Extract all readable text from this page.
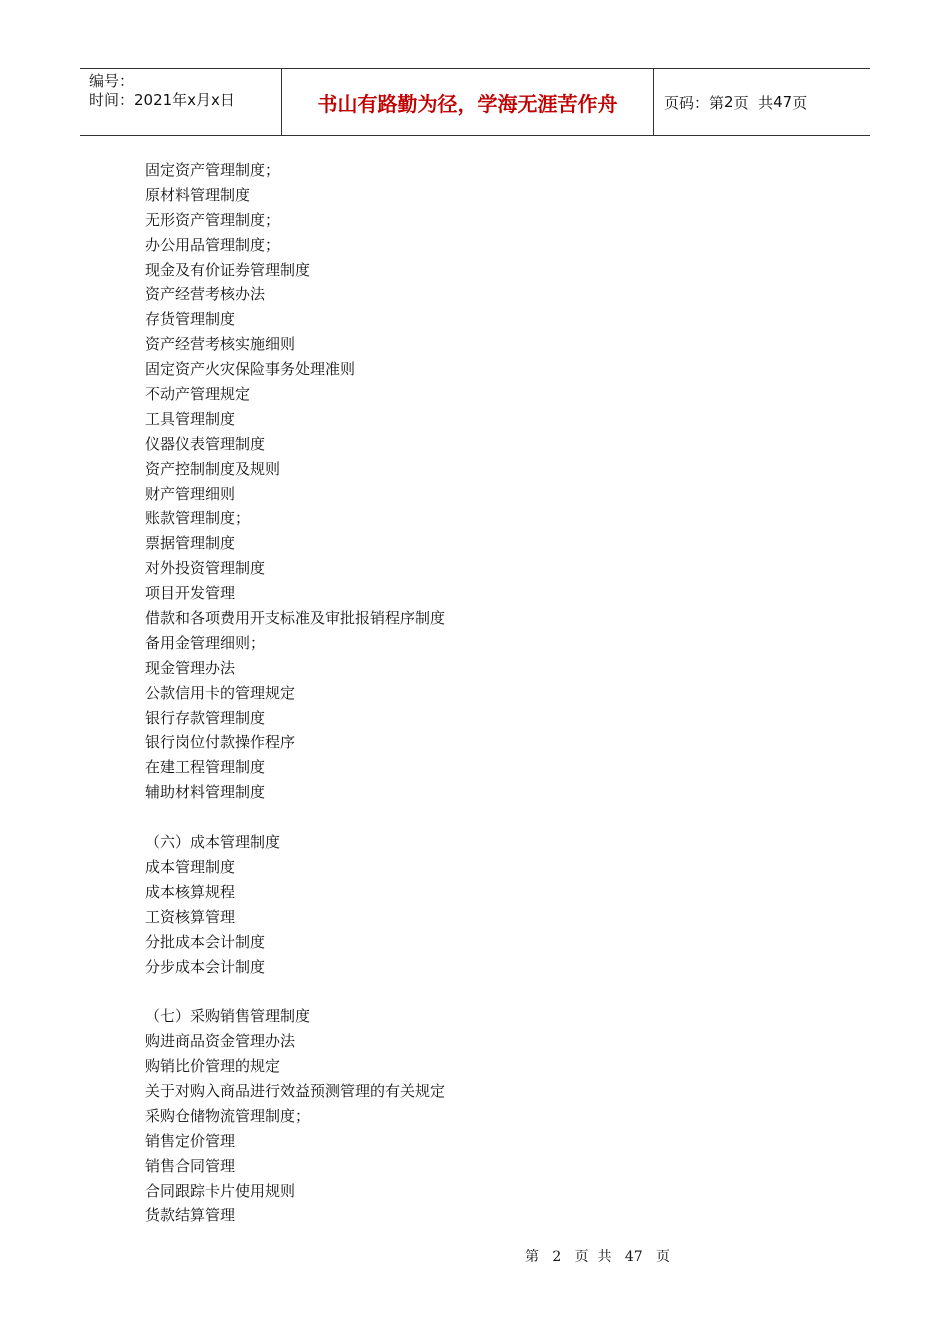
编号：
时间：2021年x月x日	书山有路勤为径，学海无涯苦作舟	页码：第 2 页  共 47 页
固定资产管理制度；
原材料管理制度
无形资产管理制度；
办公用品管理制度；
现金及有价证券管理制度
资产经营考核办法
存货管理制度
资产经营考核实施细则
固定资产火灾保险事务处理准则
不动产管理规定
工具管理制度
仪器仪表管理制度
资产控制制度及规则
财产管理细则
账款管理制度；
票据管理制度
对外投资管理制度
项目开发管理
借款和各项费用开支标准及审批报销程序制度
备用金管理细则；
现金管理办法
公款信用卡的管理规定
银行存款管理制度
银行岗位付款操作程序
在建工程管理制度
辅助材料管理制度
（六）成本管理制度
成本管理制度
成本核算规程
工资核算管理
分批成本会计制度
分步成本会计制度
（七）采购销售管理制度
购进商品资金管理办法
购销比价管理的规定
关于对购入商品进行效益预测管理的有关规定
采购仓储物流管理制度；
销售定价管理
销售合同管理
合同跟踪卡片使用规则
货款结算管理
第 2 页  共 47 页
